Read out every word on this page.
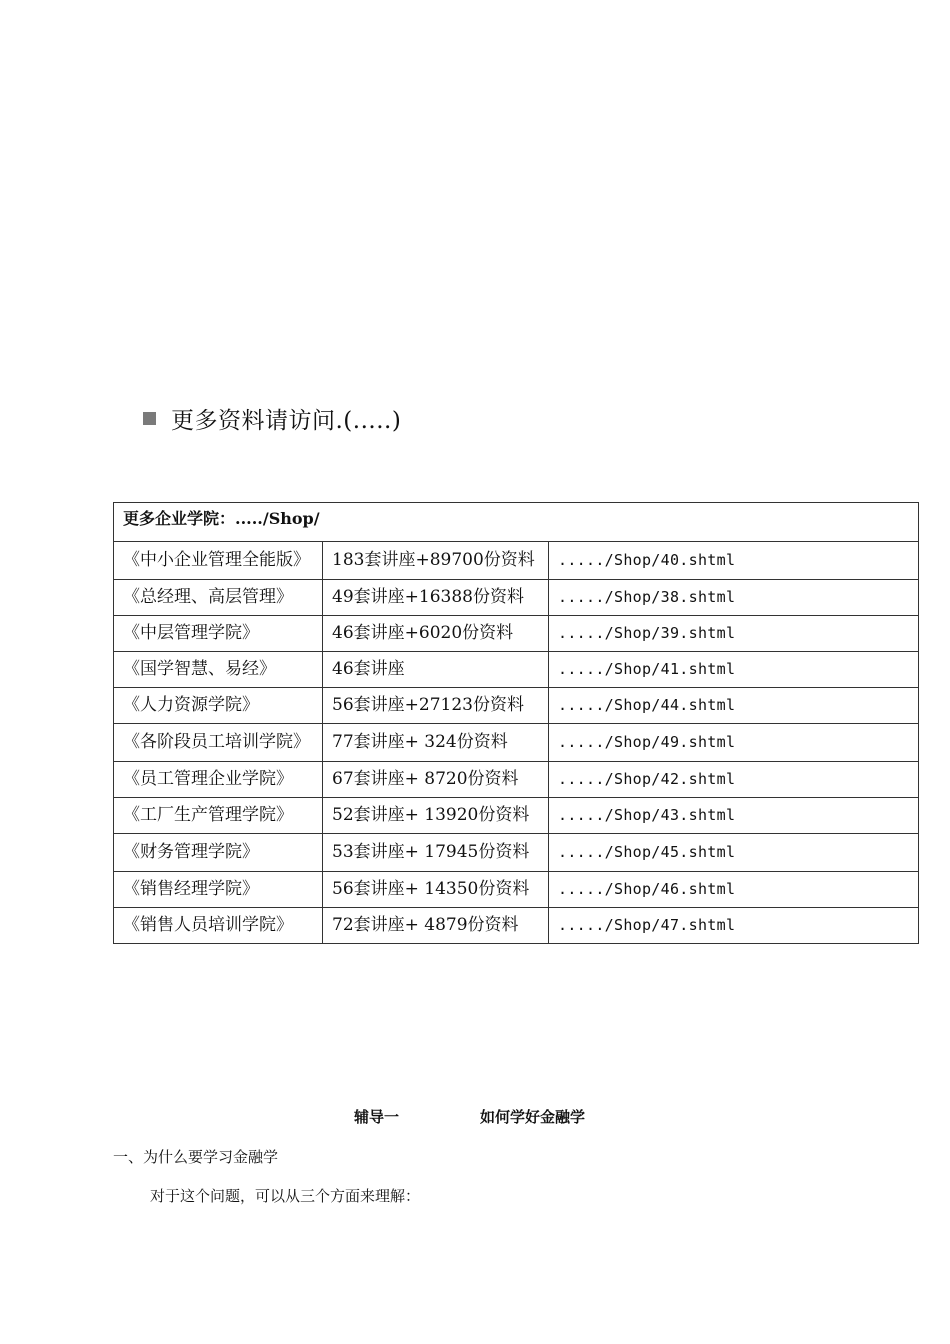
更多资料请访问.(.....)
更多企业学院：...../Shop/		
《中小企业管理全能版》	183套讲座+89700份资料	...../Shop/40.shtml
《总经理、高层管理》	49套讲座+16388份资料	...../Shop/38.shtml
《中层管理学院》	46套讲座+6020份资料	...../Shop/39.shtml
《国学智慧、易经》	46套讲座	...../Shop/41.shtml
《人力资源学院》	56套讲座+27123份资料	...../Shop/44.shtml
《各阶段员工培训学院》	77套讲座+ 324份资料	...../Shop/49.shtml
《员工管理企业学院》	67套讲座+ 8720份资料	...../Shop/42.shtml
《工厂生产管理学院》	52套讲座+ 13920份资料	...../Shop/43.shtml
《财务管理学院》	53套讲座+ 17945份资料	...../Shop/45.shtml
《销售经理学院》	56套讲座+ 14350份资料	...../Shop/46.shtml
《销售人员培训学院》	72套讲座+ 4879份资料	...../Shop/47.shtml
辅导一	如何学好金融学
一、为什么要学习金融学
对于这个问题，可以从三个方面来理解：
